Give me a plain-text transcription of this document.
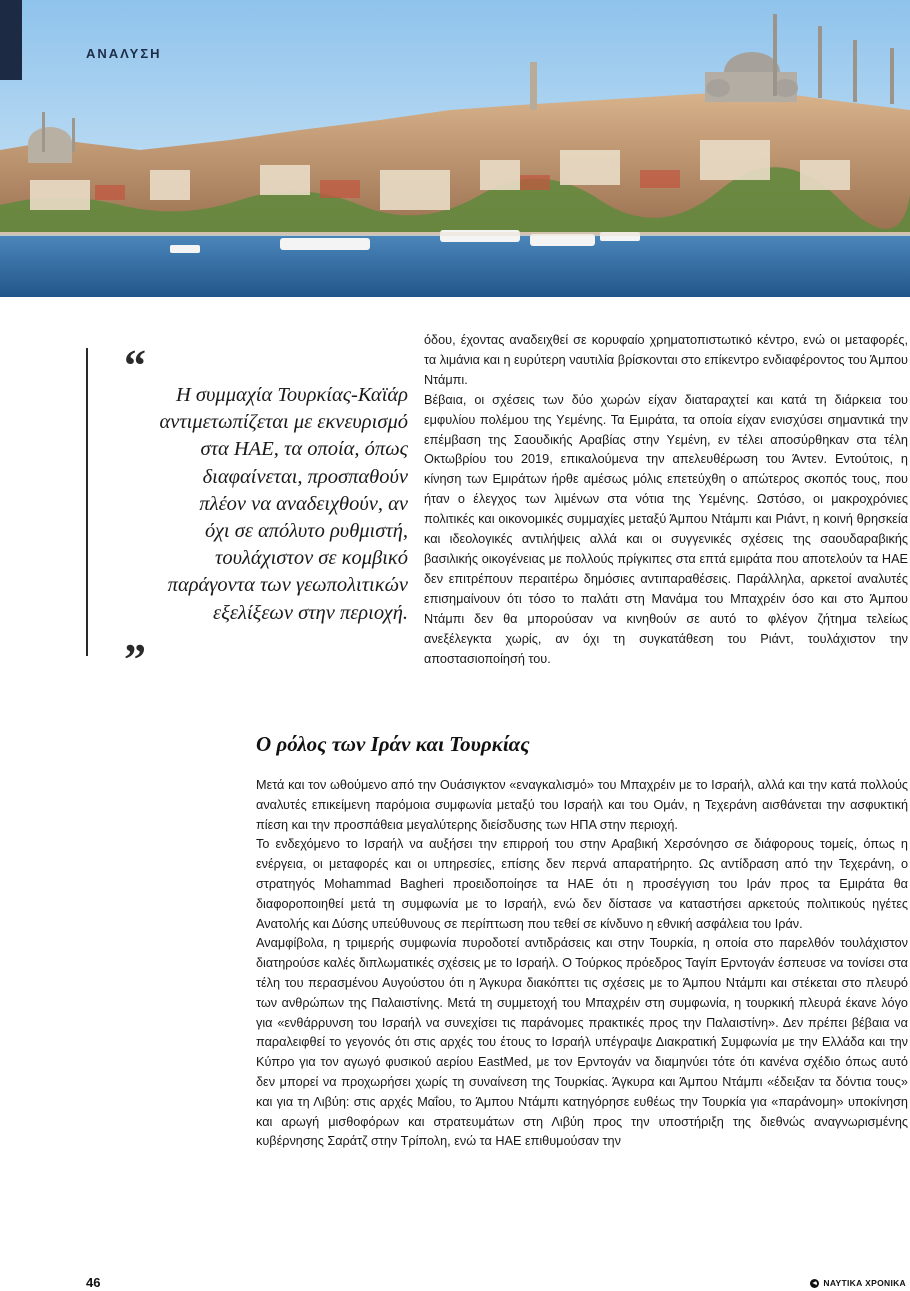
ΑΝΑΛΥΣΗ
“
Η συμμαχία Τουρκίας-Καϊάρ
αντιμετωπίζεται με εκνευρισμό
στα ΗΑΕ, τα οποία, όπως
διαφαίνεται, προσπαθούν
πλέον να αναδειχθούν, αν
όχι σε απόλυτο ρυθμιστή,
τουλάχιστον σε κομβικό
παράγοντα των γεωπολιτικών
εξελίξεων στην περιοχή.
”

όδου, έχοντας αναδειχθεί σε κορυφαίο χρηματοπιστωτικό κέντρο, ενώ οι μεταφορές, τα λιμάνια και η ευρύτερη ναυτιλία βρίσκονται στο επίκεντρο ενδιαφέροντος του Άμπου Ντάμπι.

Βέβαια, οι σχέσεις των δύο χωρών είχαν διαταραχτεί και κατά τη διάρκεια του εμφυλίου πολέμου της Υεμένης. Τα Εμιράτα, τα οποία είχαν ενισχύσει σημαντικά την επέμβαση της Σαουδικής Αραβίας στην Υεμένη, εν τέλει αποσύρθηκαν στα τέλη Οκτωβρίου του 2019, επικαλούμενα την απελευθέρωση του Άντεν. Εντούτοις, η κίνηση των Εμιράτων ήρθε αμέσως μόλις επετεύχθη ο απώτερος σκοπός τους, που ήταν ο έλεγχος των λιμένων στα νότια της Υεμένης. Ωστόσο, οι μακροχρόνιες πολιτικές και οικονομικές συμμαχίες μεταξύ Άμπου Ντάμπι και Ριάντ, η κοινή θρησκεία και ιδεολογικές αντιλήψεις αλλά και οι συγγενικές σχέσεις της σαουδαραβικής βασιλικής οικογένειας με πολλούς πρίγκιπες στα επτά εμιράτα που αποτελούν τα ΗΑΕ δεν επιτρέπουν περαιτέρω δημόσιες αντιπαραθέσεις. Παράλληλα, αρκετοί αναλυτές επισημαίνουν ότι τόσο το παλάτι στη Μανάμα του Μπαχρέιν όσο και στο Άμπου Ντάμπι δεν θα μπορούσαν να κινηθούν σε αυτό το φλέγον ζήτημα τελείως ανεξέλεγκτα χωρίς, αν όχι τη συγκατάθεση του Ριάντ, τουλάχιστον την αποστασιοποίησή του.

Ο ρόλος των Ιράν και Τουρκίας

Μετά και τον ωθούμενο από την Ουάσιγκτον «εναγκαλισμό» του Μπαχρέιν με το Ισραήλ, αλλά και την κατά πολλούς αναλυτές επικείμενη παρόμοια συμφωνία μεταξύ του Ισραήλ και του Ομάν, η Τεχεράνη αισθάνεται την ασφυκτική πίεση και την προσπάθεια μεγαλύτερης διείσδυσης των ΗΠΑ στην περιοχή.

Το ενδεχόμενο το Ισραήλ να αυξήσει την επιρροή του στην Αραβική Χερσόνησο σε διάφορους τομείς, όπως η ενέργεια, οι μεταφορές και οι υπηρεσίες, επίσης δεν περνά απαρατήρητο. Ως αντίδραση από την Τεχεράνη, ο στρατηγός Mohammad Bagheri προειδοποίησε τα ΗΑΕ ότι η προσέγγιση του Ιράν προς τα Εμιράτα θα διαφοροποιηθεί μετά τη συμφωνία με το Ισραήλ, ενώ δεν δίστασε να καταστήσει αρκετούς πολιτικούς ηγέτες Ανατολής και Δύσης υπεύθυνους σε περίπτωση που τεθεί σε κίνδυνο η εθνική ασφάλεια του Ιράν.

Αναμφίβολα, η τριμερής συμφωνία πυροδοτεί αντιδράσεις και στην Τουρκία, η οποία στο παρελθόν τουλάχιστον διατηρούσε καλές διπλωματικές σχέσεις με το Ισραήλ. Ο Τούρκος πρόεδρος Ταγίπ Ερντογάν έσπευσε να τονίσει στα τέλη του περασμένου Αυγούστου ότι η Άγκυρα διακόπτει τις σχέσεις με το Άμπου Ντάμπι και στέκεται στο πλευρό των ανθρώπων της Παλαιστίνης. Μετά τη συμμετοχή του Μπαχρέιν στη συμφωνία, η τουρκική πλευρά έκανε λόγο για «ενθάρρυνση του Ισραήλ να συνεχίσει τις παράνομες πρακτικές προς την Παλαιστίνη». Δεν πρέπει βέβαια να παραλειφθεί το γεγονός ότι στις αρχές του έτους το Ισραήλ υπέγραψε Διακρατική Συμφωνία με την Ελλάδα και την Κύπρο για τον αγωγό φυσικού αερίου EastMed, με τον Ερντογάν να διαμηνύει τότε ότι κανένα σχέδιο όπως αυτό δεν μπορεί να προχωρήσει χωρίς τη συναίνεση της Τουρκίας. Άγκυρα και Άμπου Ντάμπι «έδειξαν τα δόντια τους» και για τη Λιβύη: στις αρχές Μαΐου, το Άμπου Ντάμπι κατηγόρησε ευθέως την Τουρκία για «παράνομη» υποκίνηση και αρωγή μισθοφόρων και στρατευμάτων στη Λιβύη προς την υποστήριξη της διεθνώς αναγνωρισμένης κυβέρνησης Σαράτζ στην Τρίπολη, ενώ τα ΗΑΕ επιθυμούσαν την

46	ΝΑΥΤΙΚΑ ΧΡΟΝΙΚΑ
